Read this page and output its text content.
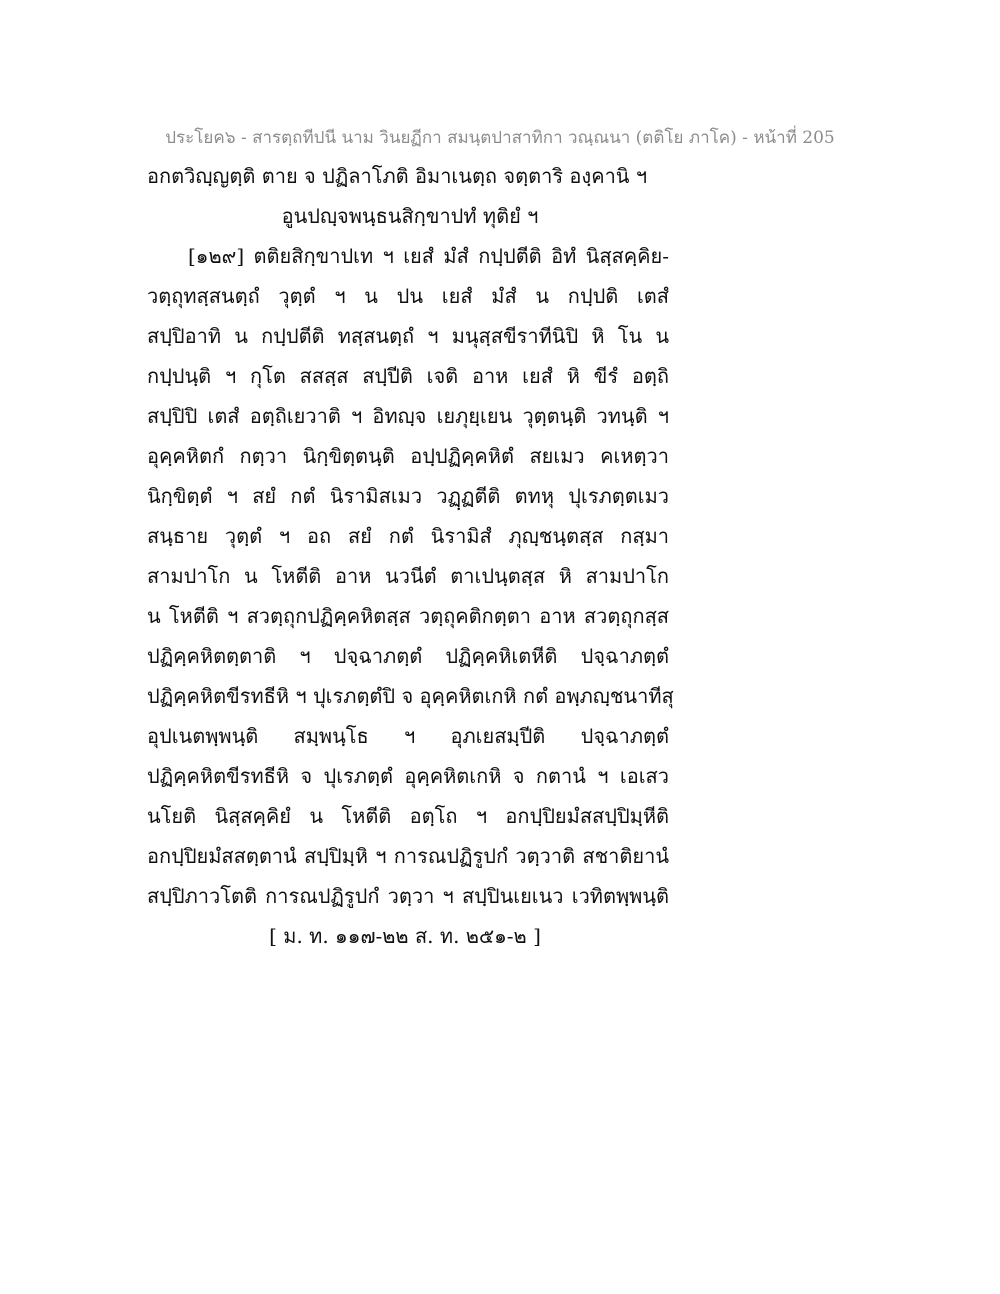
ประโยค๖ - สารตฺถทีปนี นาม วินยฏีกา สมนฺตปาสาทิกา วณฺณนา (ตติโย ภาโค) - หน้าที่ 205
อกตวิญฺญตฺติ ตาย จ ปฏิลาโภติ อิมาเนตฺถ จตฺตาริ องฺคานิ ฯ
อูนปญฺจพนฺธนสิกฺขาปทํ ทุติยํ ฯ
[๑๒๙] ตติยสิกฺขาปเท ฯ เยสํ มํสํ กปฺปตีติ อิทํ นิสฺสคฺคิย-
วตฺถุทสฺสนตฺถํ วุตฺตํ ฯ น ปน เยสํ มํสํ น กปฺปติ เตสํ
สปฺปิอาทิ น กปฺปตีติ ทสฺสนตฺถํ ฯ มนุสฺสขีราทีนิปิ หิ โน น
กปฺปนฺติ ฯ กุโต สสสฺส สปฺปีติ เจติ อาห เยสํ หิ ขีรํ อตฺถิ
สปฺปิปิ เตสํ อตฺถิเยวาติ ฯ อิทญฺจ เยภุยฺเยน วุตฺตนฺติ วทนฺติ ฯ
อุคฺคหิตกํ กตฺวา นิกฺขิตฺตนฺติ อปฺปฏิคฺคหิตํ สยเมว คเหตฺวา
นิกฺขิตฺตํ ฯ สยํ กตํ นิรามิสเมว วฏฺฏตีติ ตทหุ ปุเรภตฺตเมว
สนฺธาย วุตฺตํ ฯ อถ สยํ กตํ นิรามิสํ ภุญฺชนฺตสฺส กสฺมา
สามปาโก น โหตีติ อาห นวนีตํ ตาเปนฺตสฺส หิ สามปาโก
น โหตีติ ฯ สวตฺถุกปฏิคฺคหิตสฺส วตฺถุคติกตฺตา อาห สวตฺถุกสฺส
ปฏิคฺคหิตตฺตาติ ฯ ปจฺฉาภตฺตํ ปฏิคฺคหิเตหีติ ปจฺฉาภตฺตํ
ปฏิคฺคหิตขีรทธีหิ ฯ ปุเรภตฺตํปิ จ อุคฺคหิตเกหิ กตํ อพฺภญฺชนาทีสุ
อุปเนตพฺพนฺติ สมฺพนฺโธ ฯ อุภเยสมฺปีติ ปจฺฉาภตฺตํ
ปฏิคฺคหิตขีรทธีหิ จ ปุเรภตฺตํ อุคฺคหิตเกหิ จ กตานํ ฯ เอเสว
นโยติ นิสฺสคฺคิยํ น โหตีติ อตฺโถ ฯ อกปฺปิยมํสสปฺปิมฺหีติ
อกปฺปิยมํสสตฺตานํ สปฺปิมฺหิ ฯ การณปฏิรูปกํ วตฺวาติ สชาติยานํ
สปฺปิภาวโตติ การณปฏิรูปกํ วตฺวา ฯ สปฺปินเยเนว เวทิตพฺพนฺติ
[ ม. ท. ๑๑๗-๒๒ ส. ท. ๒๕๑-๒ ]
